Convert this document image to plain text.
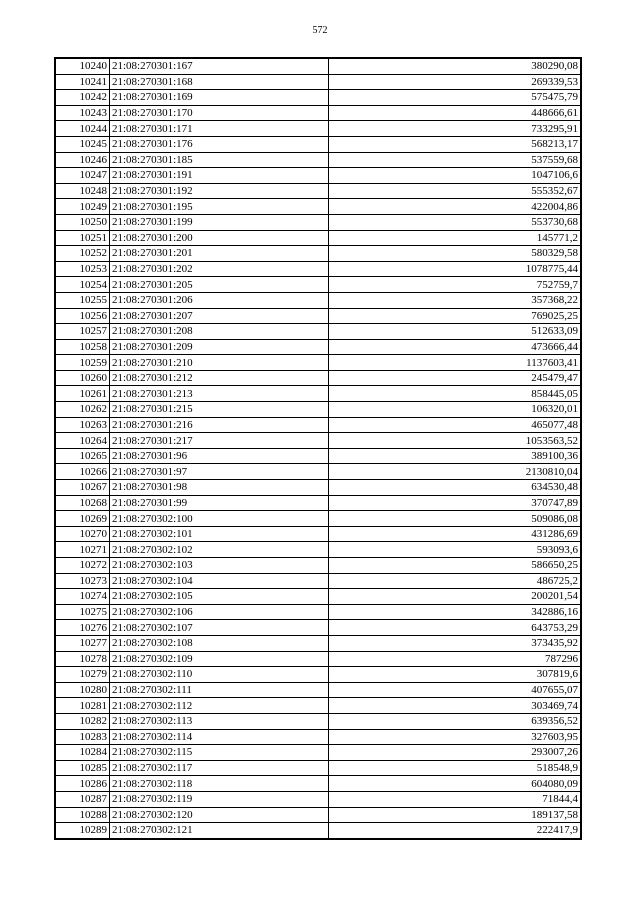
572
10240	21:08:270301:167	380290,08
10241	21:08:270301:168	269339,53
10242	21:08:270301:169	575475,79
10243	21:08:270301:170	448666,61
10244	21:08:270301:171	733295,91
10245	21:08:270301:176	568213,17
10246	21:08:270301:185	537559,68
10247	21:08:270301:191	1047106,6
10248	21:08:270301:192	555352,67
10249	21:08:270301:195	422004,86
10250	21:08:270301:199	553730,68
10251	21:08:270301:200	145771,2
10252	21:08:270301:201	580329,58
10253	21:08:270301:202	1078775,44
10254	21:08:270301:205	752759,7
10255	21:08:270301:206	357368,22
10256	21:08:270301:207	769025,25
10257	21:08:270301:208	512633,09
10258	21:08:270301:209	473666,44
10259	21:08:270301:210	1137603,41
10260	21:08:270301:212	245479,47
10261	21:08:270301:213	858445,05
10262	21:08:270301:215	106320,01
10263	21:08:270301:216	465077,48
10264	21:08:270301:217	1053563,52
10265	21:08:270301:96	389100,36
10266	21:08:270301:97	2130810,04
10267	21:08:270301:98	634530,48
10268	21:08:270301:99	370747,89
10269	21:08:270302:100	509086,08
10270	21:08:270302:101	431286,69
10271	21:08:270302:102	593093,6
10272	21:08:270302:103	586650,25
10273	21:08:270302:104	486725,2
10274	21:08:270302:105	200201,54
10275	21:08:270302:106	342886,16
10276	21:08:270302:107	643753,29
10277	21:08:270302:108	373435,92
10278	21:08:270302:109	787296
10279	21:08:270302:110	307819,6
10280	21:08:270302:111	407655,07
10281	21:08:270302:112	303469,74
10282	21:08:270302:113	639356,52
10283	21:08:270302:114	327603,95
10284	21:08:270302:115	293007,26
10285	21:08:270302:117	518548,9
10286	21:08:270302:118	604080,09
10287	21:08:270302:119	71844,4
10288	21:08:270302:120	189137,58
10289	21:08:270302:121	222417,9
